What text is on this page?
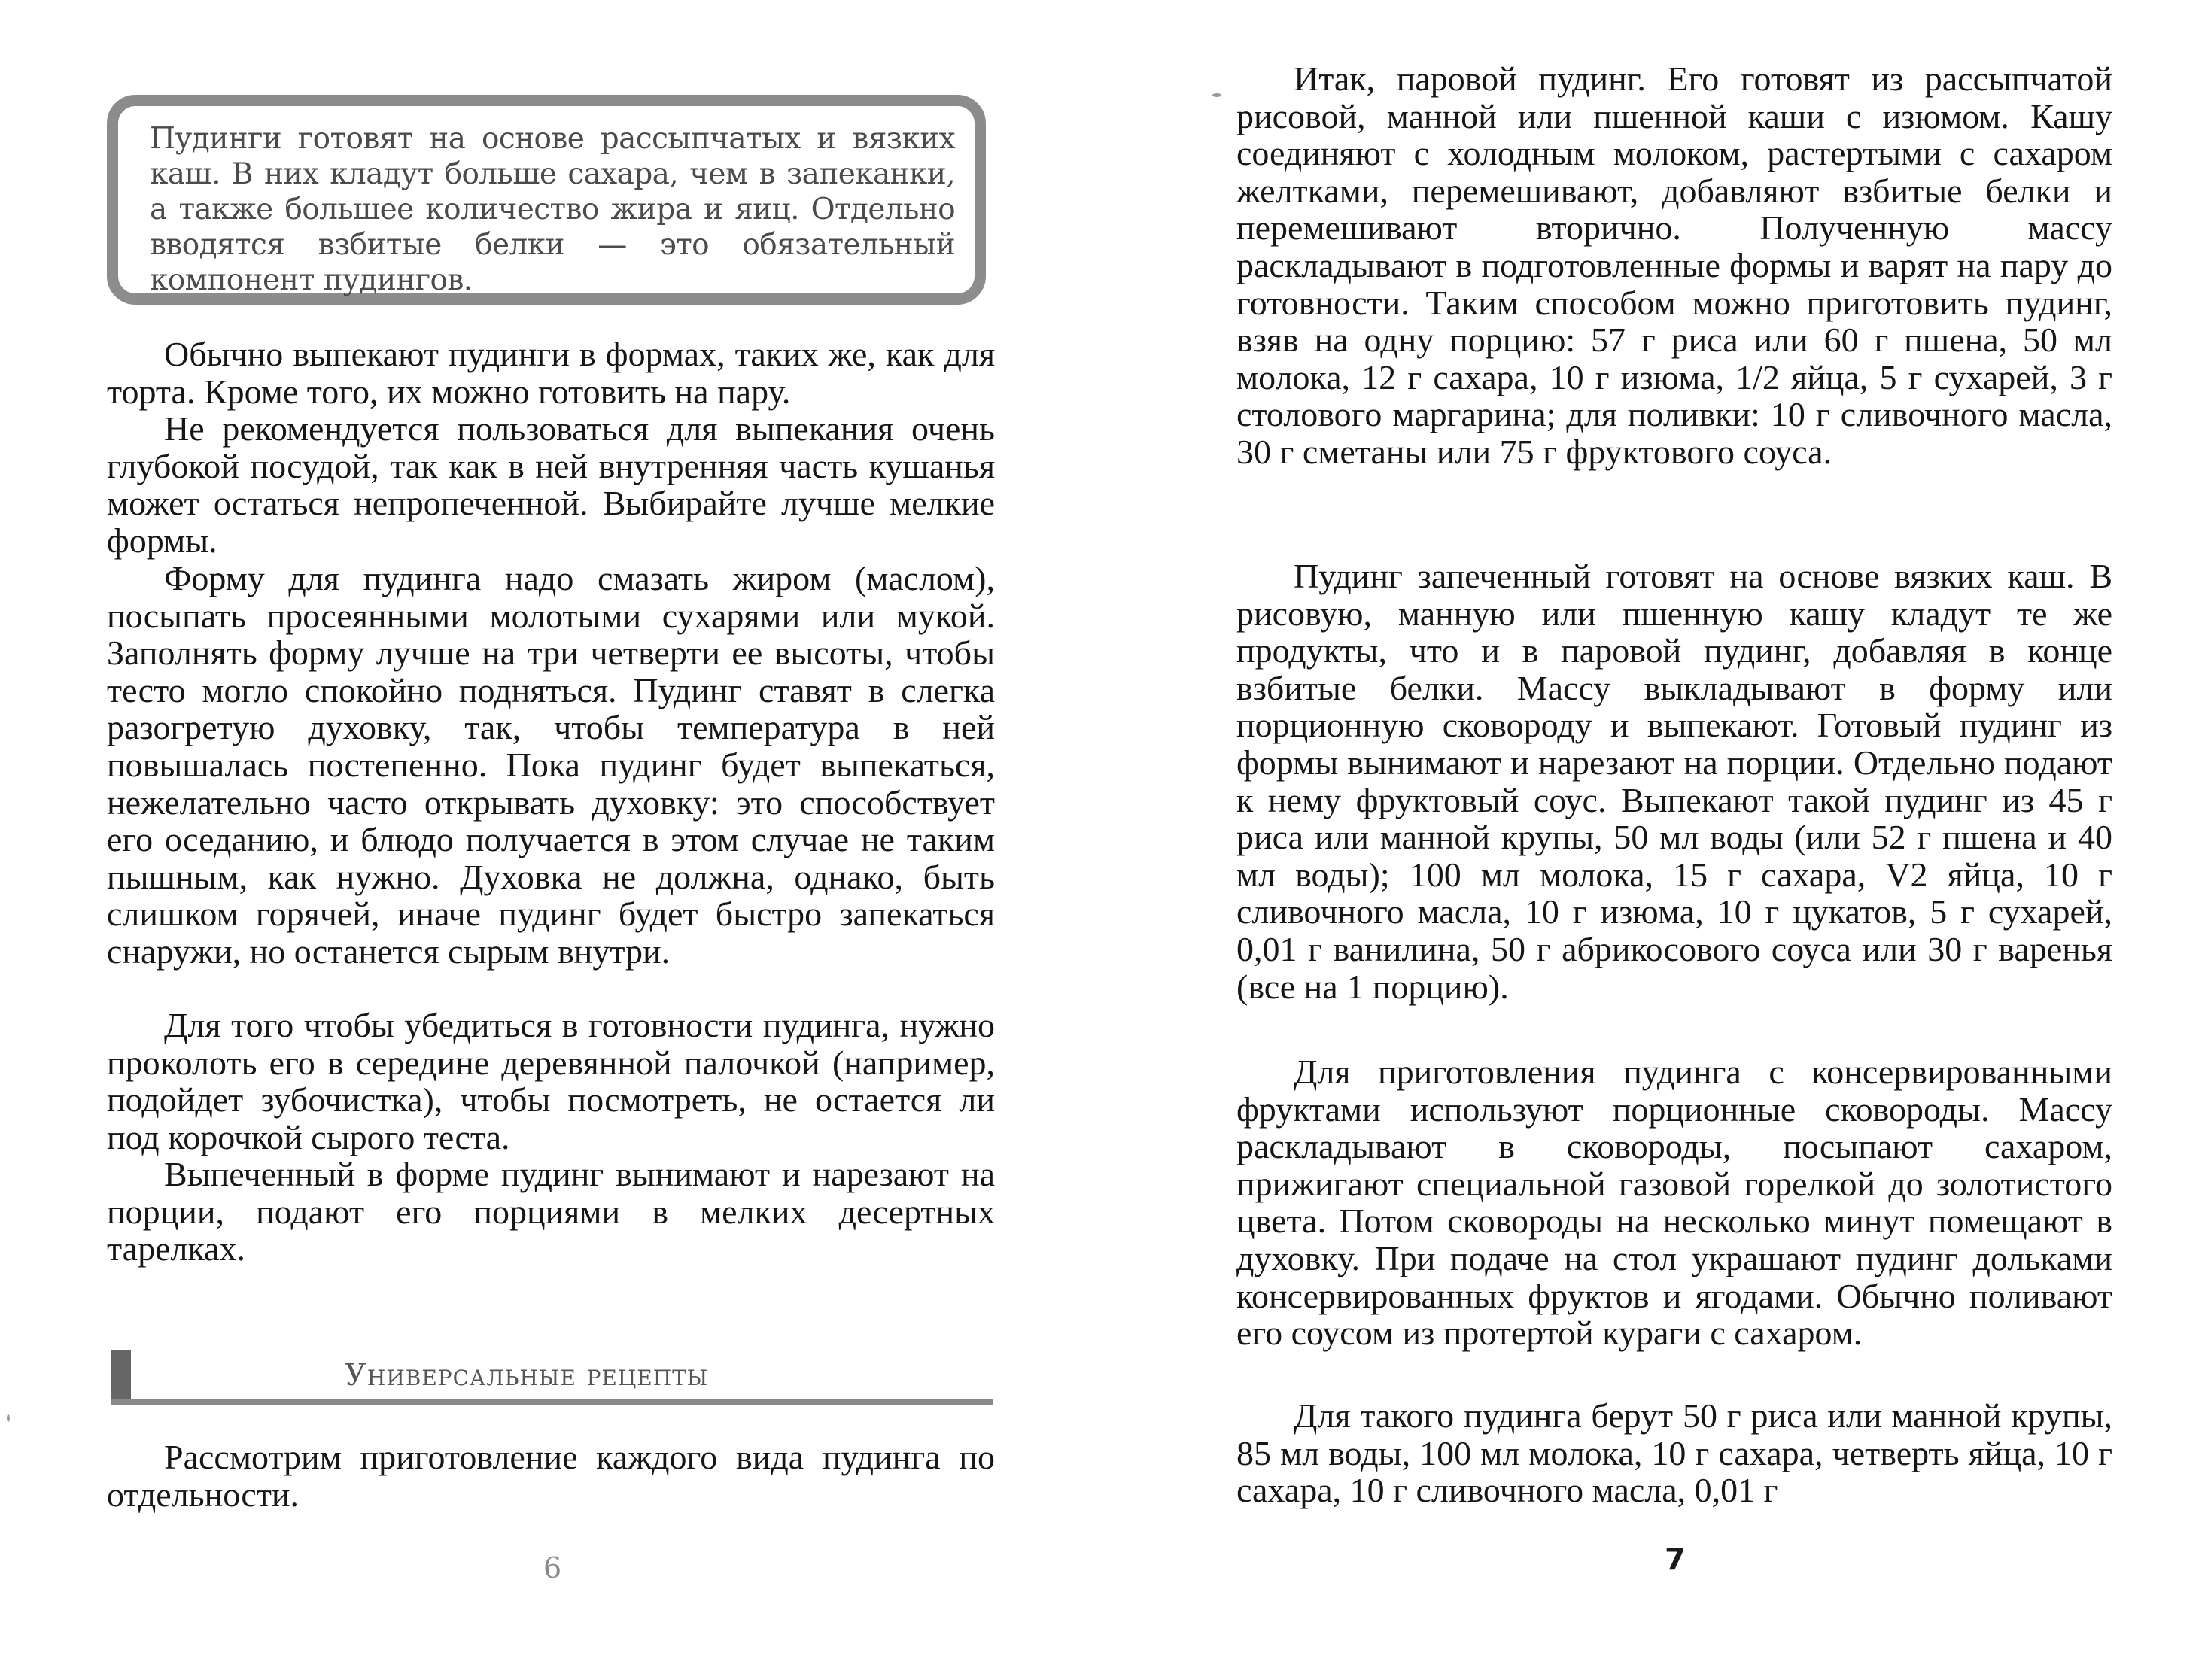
Пудинги готовят на основе рассыпчатых и вязких каш. В них кладут больше сахара, чем в запеканки, а также большее количество жира и яиц. Отдельно вводятся взбитые белки — это обязательный компонент пудингов.

Обычно выпекают пудинги в формах, таких же, как для торта. Кроме того, их можно готовить на пару.

Не рекомендуется пользоваться для выпекания очень глубокой посудой, так как в ней внутренняя часть кушанья может остаться непропеченной. Выбирайте лучше мелкие формы.

Форму для пудинга надо смазать жиром (маслом), посыпать просеянными молотыми сухарями или мукой. Заполнять форму лучше на три четверти ее высоты, чтобы тесто могло спокойно подняться. Пудинг ставят в слегка разогретую духовку, так, чтобы температура в ней повышалась постепенно. Пока пудинг будет выпекаться, нежелательно часто открывать духовку: это способствует его оседанию, и блюдо получается в этом случае не таким пышным, как нужно. Духовка не должна, однако, быть слишком горячей, иначе пудинг будет быстро запекаться снаружи, но останется сырым внутри.

Для того чтобы убедиться в готовности пудинга, нужно проколоть его в середине деревянной палочкой (например, подойдет зубочистка), чтобы посмотреть, не остается ли под корочкой сырого теста.

Выпеченный в форме пудинг вынимают и нарезают на порции, подают его порциями в мелких десертных тарелках.

Универсальные рецепты

Рассмотрим приготовление каждого вида пудинга по отдельности.

6

Итак, паровой пудинг. Его готовят из рассыпчатой рисовой, манной или пшенной каши с изюмом. Кашу соединяют с холодным молоком, растертыми с сахаром желтками, перемешивают, добавляют взбитые белки и перемешивают вторично. Полученную массу раскладывают в подготовленные формы и варят на пару до готовности. Таким способом можно приготовить пудинг, взяв на одну порцию: 57 г риса или 60 г пшена, 50 мл молока, 12 г сахара, 10 г изюма, 1/2 яйца, 5 г сухарей, 3 г столового маргарина; для поливки: 10 г сливочного масла, 30 г сметаны или 75 г фруктового соуса.

Пудинг запеченный готовят на основе вязких каш. В рисовую, манную или пшенную кашу кладут те же продукты, что и в паровой пудинг, добавляя в конце взбитые белки. Массу выкладывают в форму или порционную сковороду и выпекают. Готовый пудинг из формы вынимают и нарезают на порции. Отдельно подают к нему фруктовый соус. Выпекают такой пудинг из 45 г риса или манной крупы, 50 мл воды (или 52 г пшена и 40 мл воды); 100 мл молока, 15 г сахара, V2 яйца, 10 г сливочного масла, 10 г изюма, 10 г цукатов, 5 г сухарей, 0,01 г ванилина, 50 г абрикосового соуса или 30 г варенья (все на 1 порцию).

Для приготовления пудинга с консервированными фруктами используют порционные сковороды. Массу раскладывают в сковороды, посыпают сахаром, прижигают специальной газовой горелкой до золотистого цвета. Потом сковороды на несколько минут помещают в духовку. При подаче на стол украшают пудинг дольками консервированных фруктов и ягодами. Обычно поливают его соусом из протертой кураги с сахаром.

Для такого пудинга берут 50 г риса или манной крупы, 85 мл воды, 100 мл молока, 10 г сахара, четверть яйца, 10 г сахара, 10 г сливочного масла, 0,01 г

7
